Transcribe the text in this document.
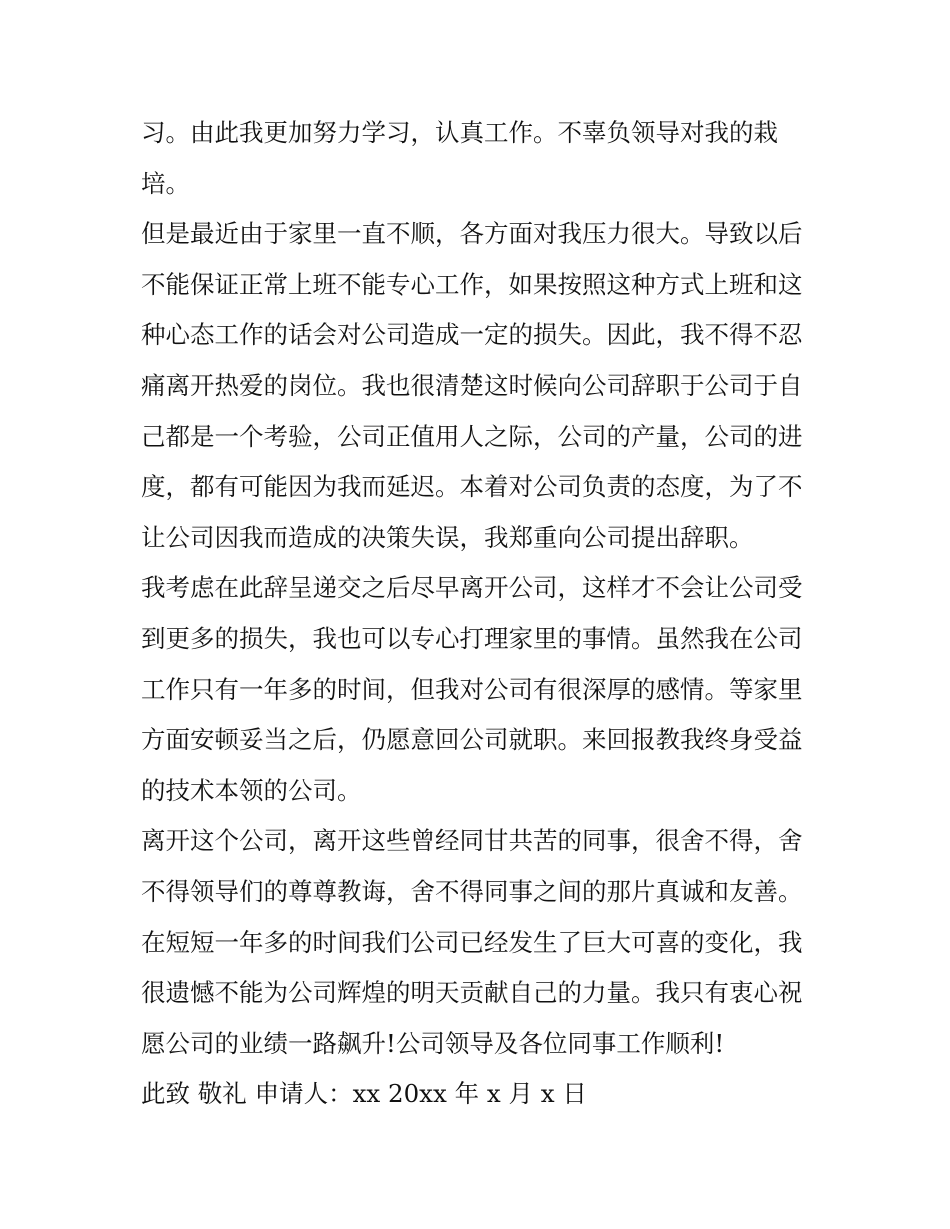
习。由此我更加努力学习，认真工作。不辜负领导对我的栽
培。
但是最近由于家里一直不顺，各方面对我压力很大。导致以后
不能保证正常上班不能专心工作，如果按照这种方式上班和这
种心态工作的话会对公司造成一定的损失。因此，我不得不忍
痛离开热爱的岗位。我也很清楚这时候向公司辞职于公司于自
己都是一个考验，公司正值用人之际，公司的产量，公司的进
度，都有可能因为我而延迟。本着对公司负责的态度，为了不
让公司因我而造成的决策失误，我郑重向公司提出辞职。
我考虑在此辞呈递交之后尽早离开公司，这样才不会让公司受
到更多的损失，我也可以专心打理家里的事情。虽然我在公司
工作只有一年多的时间，但我对公司有很深厚的感情。等家里
方面安顿妥当之后，仍愿意回公司就职。来回报教我终身受益
的技术本领的公司。
离开这个公司，离开这些曾经同甘共苦的同事，很舍不得，舍
不得领导们的尊尊教诲，舍不得同事之间的那片真诚和友善。
在短短一年多的时间我们公司已经发生了巨大可喜的变化，我
很遗憾不能为公司辉煌的明天贡献自己的力量。我只有衷心祝
愿公司的业绩一路飙升!公司领导及各位同事工作顺利!
此致 敬礼 申请人：xx 20xx 年 x 月 x 日
